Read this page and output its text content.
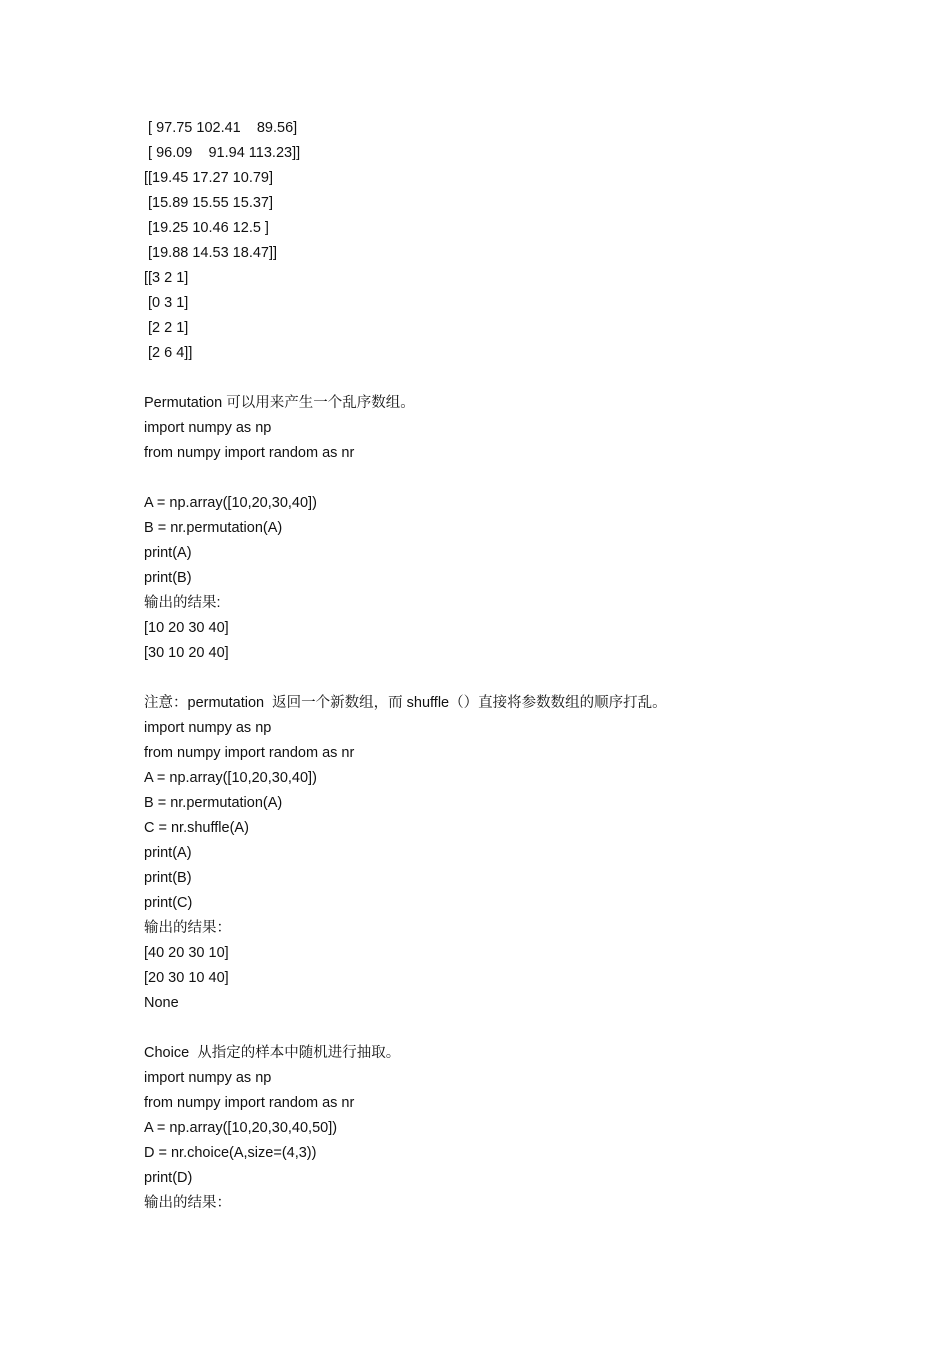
[ 97.75 102.41    89.56]
[ 96.09    91.94 113.23]]
[[19.45 17.27 10.79]
[15.89 15.55 15.37]
[19.25 10.46 12.5 ]
[19.88 14.53 18.47]]
[[3 2 1]
[0 3 1]
[2 2 1]
[2 6 4]]
Permutation 可以用来产生一个乱序数组。
import numpy as np
from numpy import random as nr
A = np.array([10,20,30,40])
B = nr.permutation(A)
print(A)
print(B)
输出的结果:
[10 20 30 40]
[30 10 20 40]
注意：permutation  返回一个新数组，而 shuffle（）直接将参数数组的顺序打乱。
import numpy as np
from numpy import random as nr
A = np.array([10,20,30,40])
B = nr.permutation(A)
C = nr.shuffle(A)
print(A)
print(B)
print(C)
输出的结果：
[40 20 30 10]
[20 30 10 40]
None
Choice  从指定的样本中随机进行抽取。
import numpy as np
from numpy import random as nr
A = np.array([10,20,30,40,50])
D = nr.choice(A,size=(4,3))
print(D)
输出的结果：
